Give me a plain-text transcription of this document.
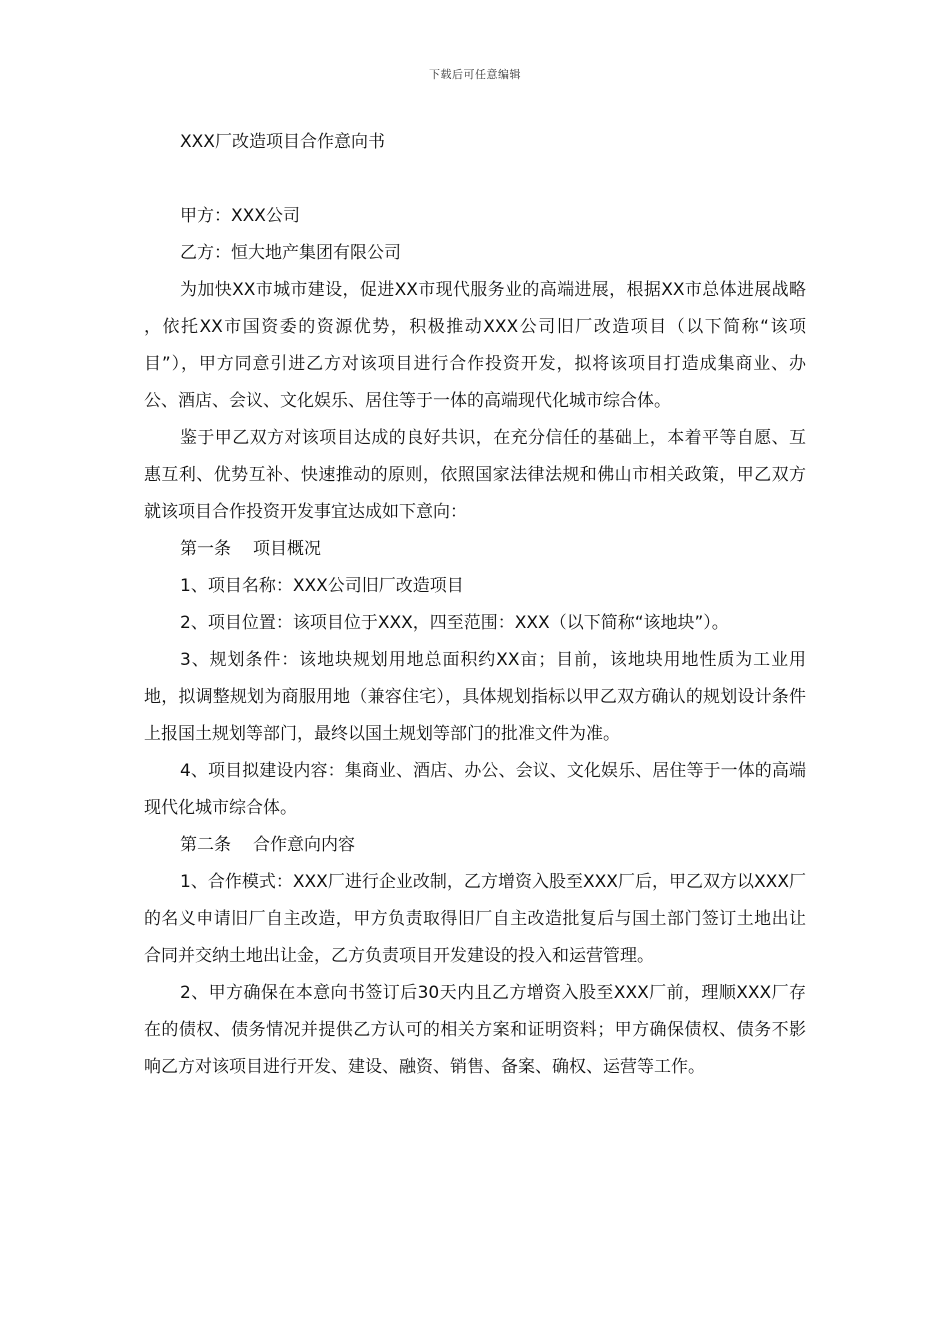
下载后可任意编辑

XXX厂改造项目合作意向书

甲方：XXX公司

乙方：恒大地产集团有限公司

为加快XX市城市建设，促进XX市现代服务业的高端进展，根据XX市总体进展战略 ，依托XX市国资委的资源优势，积极推动XXX公司旧厂改造项目（以下简称“该项目”），甲方同意引进乙方对该项目进行合作投资开发，拟将该项目打造成集商业、办公、酒店、会议、文化娱乐、居住等于一体的高端现代化城市综合体。

鉴于甲乙双方对该项目达成的良好共识，在充分信任的基础上，本着平等自愿、互惠互利、优势互补、快速推动的原则，依照国家法律法规和佛山市相关政策，甲乙双方就该项目合作投资开发事宜达成如下意向：

第一条 项目概况

1、项目名称：XXX公司旧厂改造项目

2、项目位置：该项目位于XXX，四至范围：XXX（以下简称“该地块”）。

3、规划条件：该地块规划用地总面积约XX亩；目前，该地块用地性质为工业用地，拟调整规划为商服用地（兼容住宅），具体规划指标以甲乙双方确认的规划设计条件上报国土规划等部门，最终以国土规划等部门的批准文件为准。

4、项目拟建设内容：集商业、酒店、办公、会议、文化娱乐、居住等于一体的高端现代化城市综合体。

第二条 合作意向内容

1、合作模式：XXX厂进行企业改制，乙方增资入股至XXX厂后，甲乙双方以XXX厂的名义申请旧厂自主改造，甲方负责取得旧厂自主改造批复后与国土部门签订土地出让合同并交纳土地出让金，乙方负责项目开发建设的投入和运营管理。

2、甲方确保在本意向书签订后30天内且乙方增资入股至XXX厂前，理顺XXX厂存在的债权、债务情况并提供乙方认可的相关方案和证明资料；甲方确保债权、债务不影响乙方对该项目进行开发、建设、融资、销售、备案、确权、运营等工作。
